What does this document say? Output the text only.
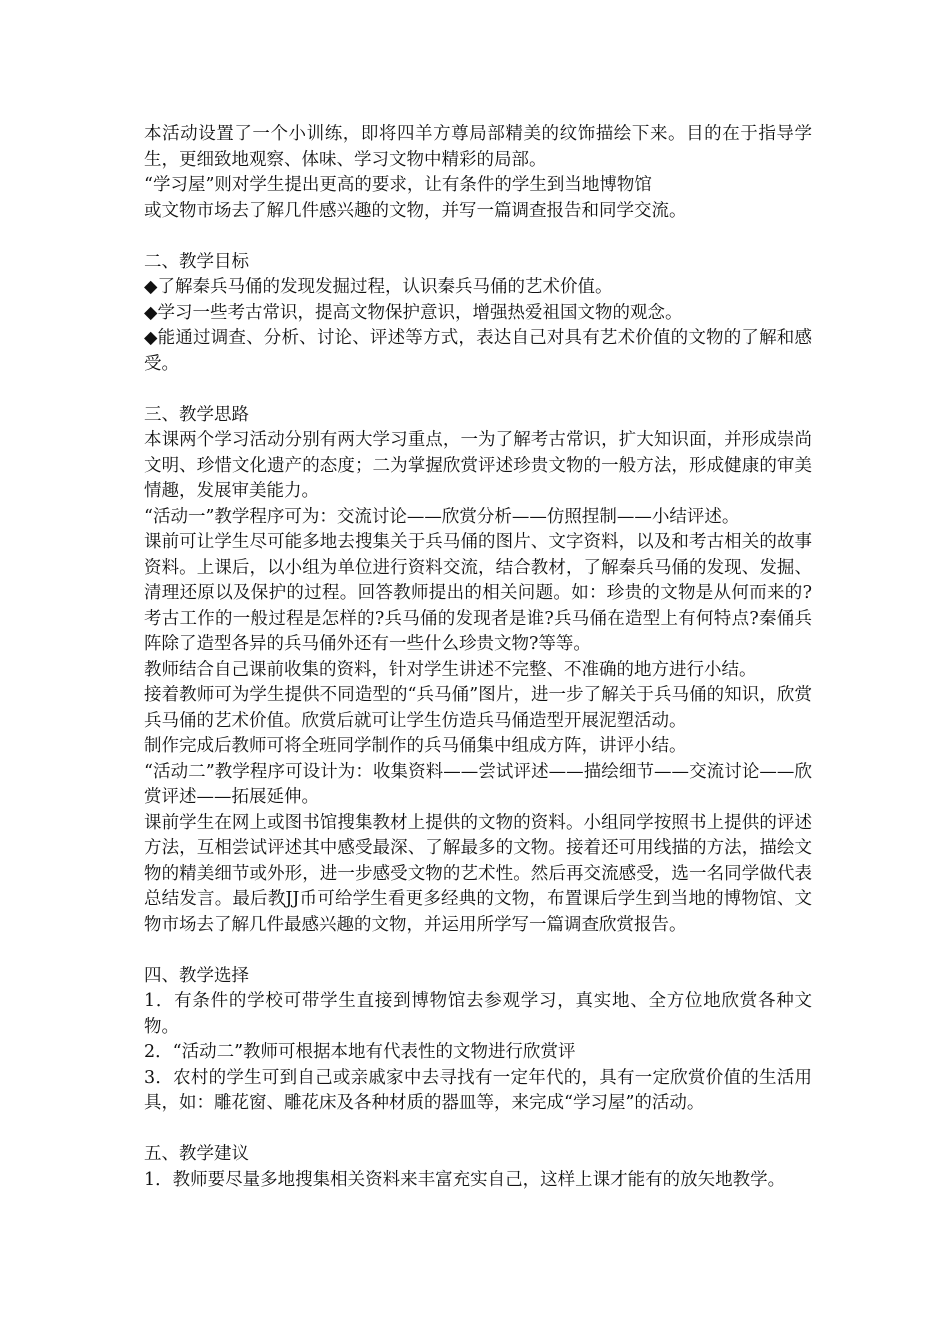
本活动设置了一个小训练，即将四羊方尊局部精美的纹饰描绘下来。目的在于指导学生，更细致地观察、体味、学习文物中精彩的局部。

“学习屋”则对学生提出更高的要求，让有条件的学生到当地博物馆

或文物市场去了解几件感兴趣的文物，并写一篇调查报告和同学交流。

二、教学目标

◆了解秦兵马俑的发现发掘过程，认识秦兵马俑的艺术价值。

◆学习一些考古常识，提高文物保护意识，增强热爱祖国文物的观念。

◆能通过调查、分析、讨论、评述等方式，表达自己对具有艺术价值的文物的了解和感受。

三、教学思路

本课两个学习活动分别有两大学习重点，一为了解考古常识，扩大知识面，并形成崇尚文明、珍惜文化遗产的态度；二为掌握欣赏评述珍贵文物的一般方法，形成健康的审美情趣，发展审美能力。

“活动一”教学程序可为：交流讨论——欣赏分析——仿照捏制——小结评述。

课前可让学生尽可能多地去搜集关于兵马俑的图片、文字资料，以及和考古相关的故事资料。上课后，以小组为单位进行资料交流，结合教材，了解秦兵马俑的发现、发掘、清理还原以及保护的过程。回答教师提出的相关问题。如：珍贵的文物是从何而来的?考古工作的一般过程是怎样的?兵马俑的发现者是谁?兵马俑在造型上有何特点?秦俑兵阵除了造型各异的兵马俑外还有一些什么珍贵文物?等等。

教师结合自己课前收集的资料，针对学生讲述不完整、不准确的地方进行小结。

接着教师可为学生提供不同造型的“兵马俑”图片，进一步了解关于兵马俑的知识，欣赏兵马俑的艺术价值。欣赏后就可让学生仿造兵马俑造型开展泥塑活动。

制作完成后教师可将全班同学制作的兵马俑集中组成方阵，讲评小结。

“活动二”教学程序可设计为：收集资料——尝试评述——描绘细节——交流讨论——欣赏评述——拓展延伸。

课前学生在网上或图书馆搜集教材上提供的文物的资料。小组同学按照书上提供的评述方法，互相尝试评述其中感受最深、了解最多的文物。接着还可用线描的方法，描绘文物的精美细节或外形，进一步感受文物的艺术性。然后再交流感受，选一名同学做代表总结发言。最后教JJ币可给学生看更多经典的文物，布置课后学生到当地的博物馆、文物市场去了解几件最感兴趣的文物，并运用所学写一篇调查欣赏报告。

四、教学选择

1．有条件的学校可带学生直接到博物馆去参观学习，真实地、全方位地欣赏各种文物。

2．“活动二”教师可根据本地有代表性的文物进行欣赏评

3．农村的学生可到自己或亲戚家中去寻找有一定年代的，具有一定欣赏价值的生活用具，如：雕花窗、雕花床及各种材质的器皿等，来完成“学习屋”的活动。

五、教学建议

1．教师要尽量多地搜集相关资料来丰富充实自己，这样上课才能有的放矢地教学。
